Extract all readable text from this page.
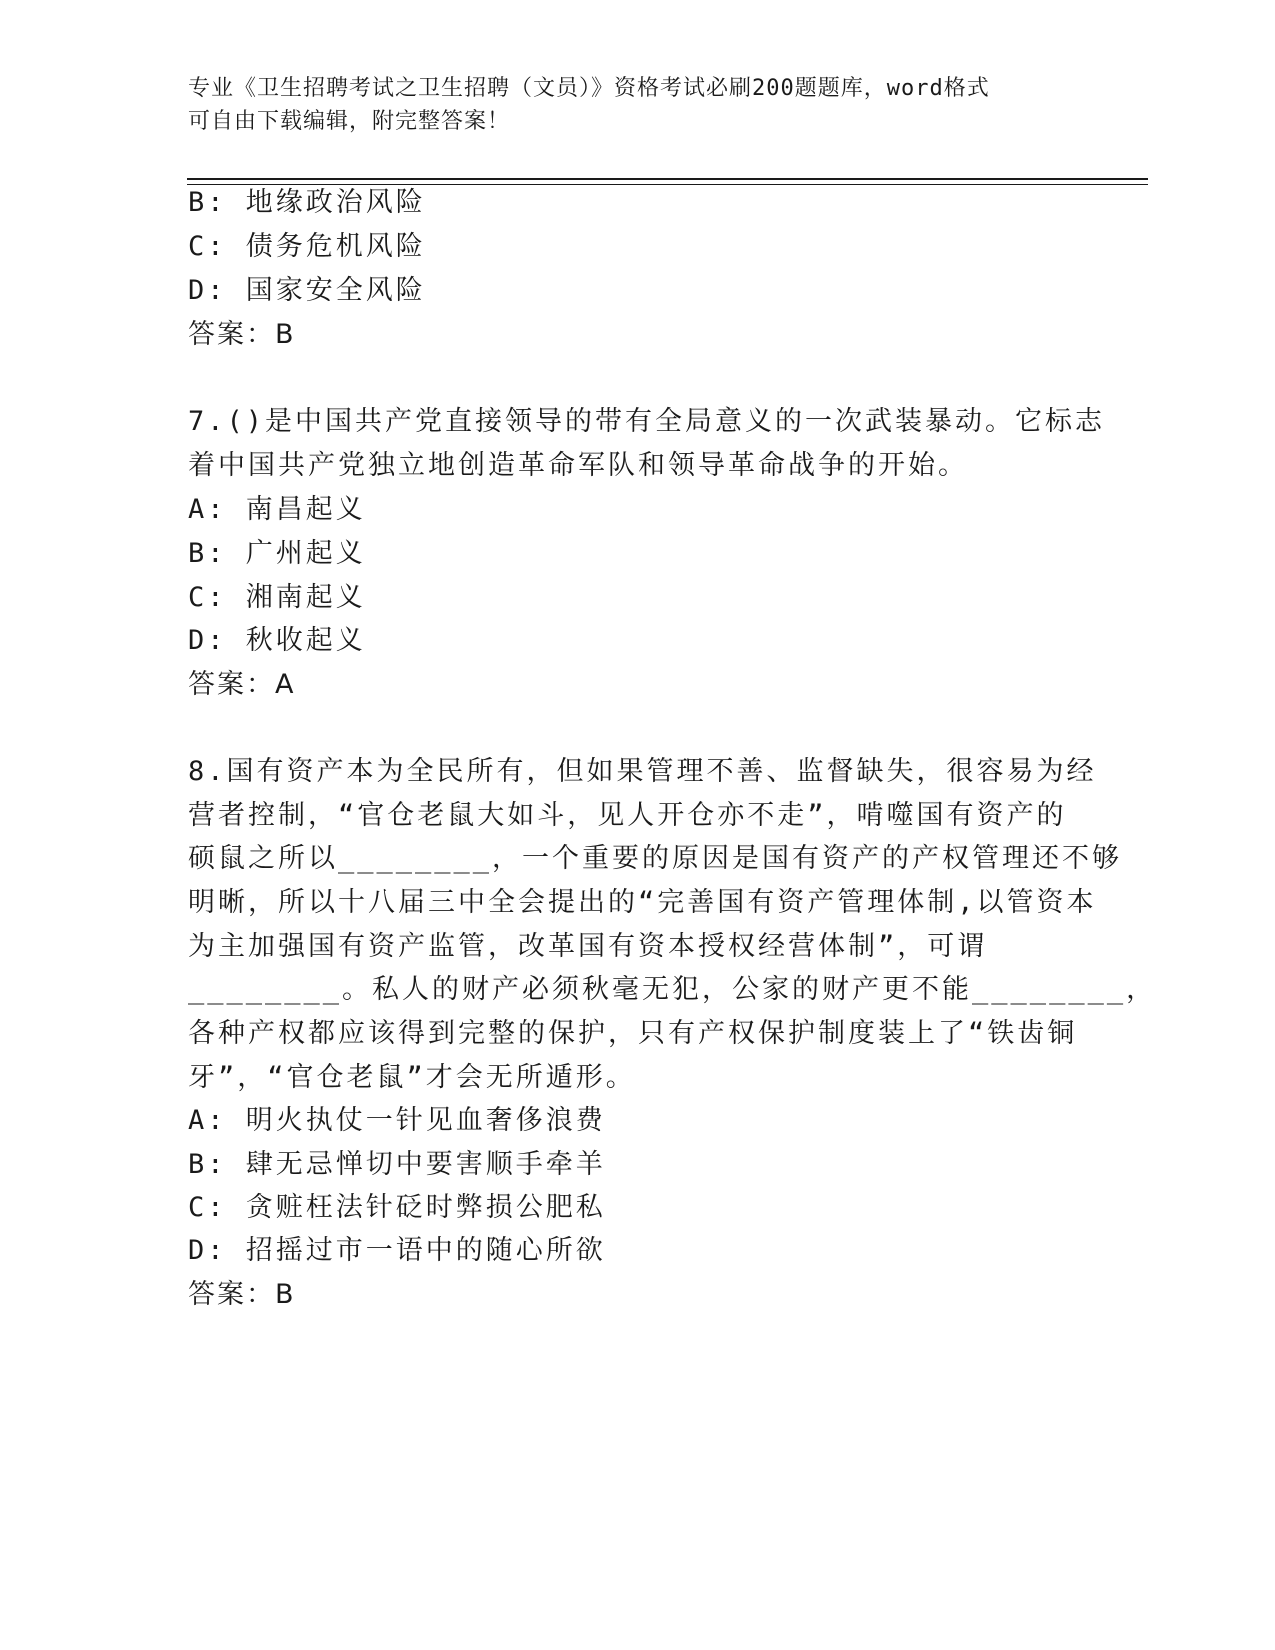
专业《卫生招聘考试之卫生招聘（文员）》资格考试必刷200题题库，word格式
可自由下载编辑，附完整答案！
B: 地缘政治风险
C: 债务危机风险
D: 国家安全风险
答案：B
7.()是中国共产党直接领导的带有全局意义的一次武装暴动。它标志
着中国共产党独立地创造革命军队和领导革命战争的开始。
A: 南昌起义
B: 广州起义
C: 湘南起义
D: 秋收起义
答案：A
8.国有资产本为全民所有，但如果管理不善、监督缺失，很容易为经
营者控制，“官仓老鼠大如斗，见人开仓亦不走”，啃噬国有资产的
硕鼠之所以________，一个重要的原因是国有资产的产权管理还不够
明晰，所以十八届三中全会提出的“完善国有资产管理体制,以管资本
为主加强国有资产监管，改革国有资本授权经营体制”，可谓
________。私人的财产必须秋毫无犯，公家的财产更不能________，
各种产权都应该得到完整的保护，只有产权保护制度装上了“铁齿铜
牙”，“官仓老鼠”才会无所遁形。
A: 明火执仗一针见血奢侈浪费
B: 肆无忌惮切中要害顺手牵羊
C: 贪赃枉法针砭时弊损公肥私
D: 招摇过市一语中的随心所欲
答案：B
